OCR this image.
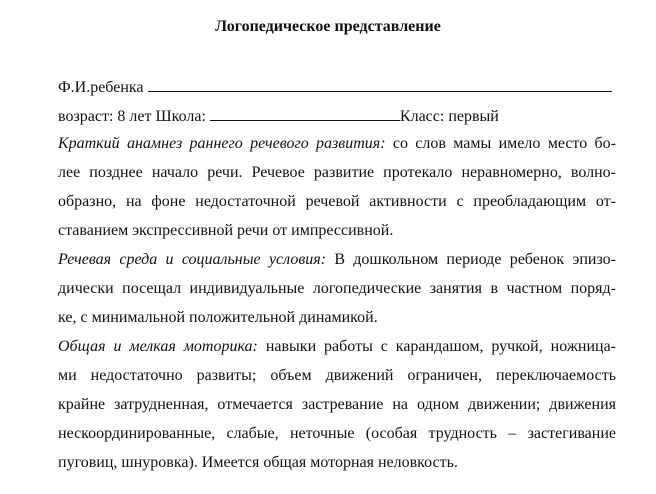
Логопедическое представление

Ф.И.ребенка

возраст: 8 лет Школа:	Класс: первый

Краткий анамнез раннего речевого развития: со слов мамы имело место бо-

лее позднее начало речи. Речевое развитие протекало неравномерно, волно-

образно, на фоне недостаточной речевой активности с преобладающим от-

ставанием экспрессивной речи от импрессивной.

Речевая среда и социальные условия: В дошкольном периоде ребенок эпизо-

дически посещал индивидуальные логопедические занятия в частном поряд-

ке, с минимальной положительной динамикой.

Общая и мелкая моторика: навыки работы с карандашом, ручкой, ножница-

ми недостаточно развиты; объем движений ограничен, переключаемость

крайне затрудненная, отмечается застревание на одном движении; движения

нескоординированные, слабые, неточные (особая трудность – застегивание

пуговиц, шнуровка). Имеется общая моторная неловкость.
